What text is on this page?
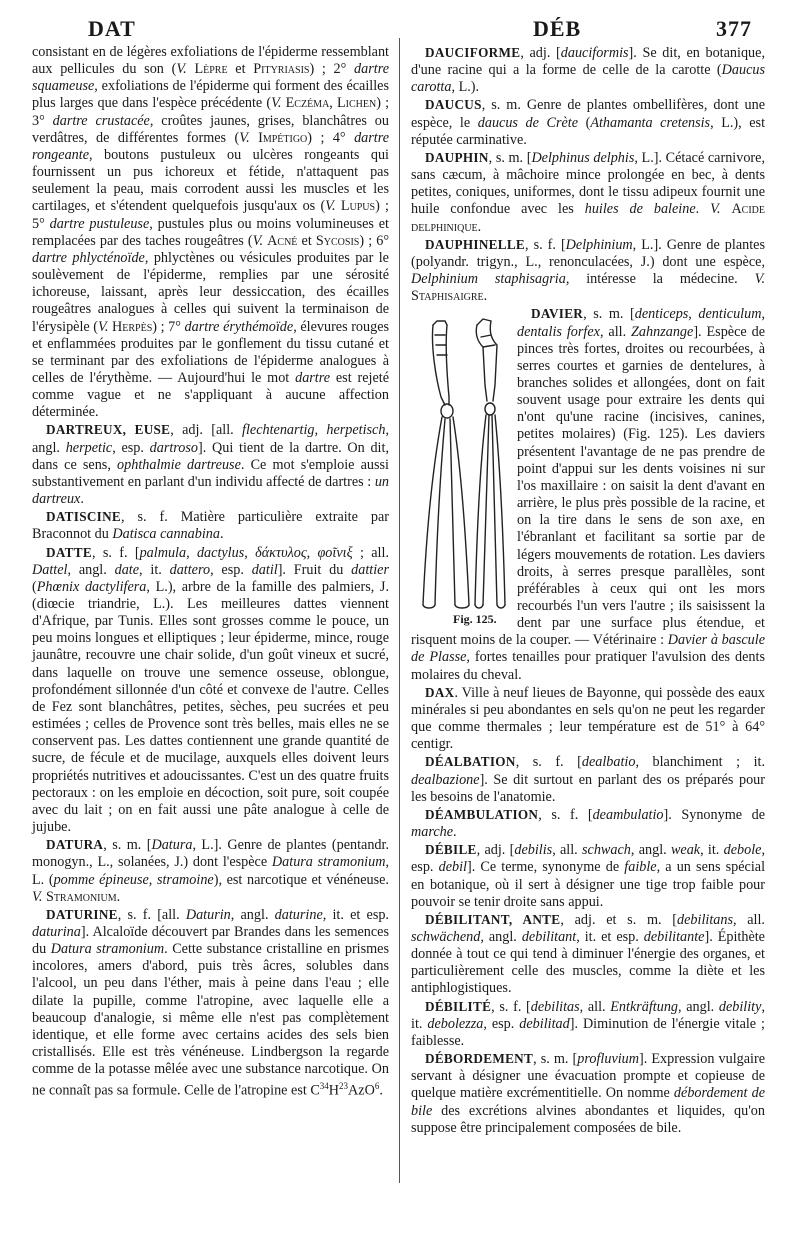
DAT	DÉB	377

consistant en de légères exfoliations de l'épiderme ressemblant aux pellicules du son (V. Lèpre et Pityriasis) ; 2° dartre squameuse, exfoliations de l'épiderme qui forment des écailles plus larges que dans l'espèce précédente (V. Eczéma, Lichen) ; 3° dartre crustacée, croûtes jaunes, grises, blanchâtres ou verdâtres, de différentes formes (V. Impétigo) ; 4° dartre rongeante, boutons pustuleux ou ulcères rongeants qui fournissent un pus ichoreux et fétide, n'attaquent pas seulement la peau, mais corrodent aussi les muscles et les cartilages, et s'étendent quelquefois jusqu'aux os (V. Lupus) ; 5° dartre pustuleuse, pustules plus ou moins volumineuses et remplacées par des taches rougeâtres (V. Acné et Sycosis) ; 6° dartre phlycténoïde, phlyctènes ou vésicules produites par le soulèvement de l'épiderme, remplies par une sérosité ichoreuse, laissant, après leur dessiccation, des écailles rougeâtres analogues à celles qui suivent la terminaison de l'érysipèle (V. Herpès) ; 7° dartre érythémoïde, élevures rouges et enflammées produites par le gonflement du tissu cutané et se terminant par des exfoliations de l'épiderme analogues à celles de l'érythème. — Aujourd'hui le mot dartre est rejeté comme vague et ne s'appliquant à aucune affection déterminée.

DARTREUX, EUSE, adj. [all. flechtenartig, herpetisch, angl. herpetic, esp. dartroso]. Qui tient de la dartre. On dit, dans ce sens, ophthalmie dartreuse. Ce mot s'emploie aussi substantivement en parlant d'un individu affecté de dartres : un dartreux.

DATISCINE, s. f. Matière particulière extraite par Braconnot du Datisca cannabina.

DATTE, s. f. [palmula, dactylus, δάκτυλος, φοῖνιξ ; all. Dattel, angl. date, it. dattero, esp. datil]. Fruit du dattier (Phœnix dactylifera, L.), arbre de la famille des palmiers, J. (diœcie triandrie, L.). Les meilleures dattes viennent d'Afrique, par Tunis. Elles sont grosses comme le pouce, un peu moins longues et elliptiques ; leur épiderme, mince, rouge jaunâtre, recouvre une chair solide, d'un goût vineux et sucré, dans laquelle on trouve une semence osseuse, oblongue, profondément sillonnée d'un côté et convexe de l'autre. Celles de Fez sont blanchâtres, petites, sèches, peu sucrées et peu estimées ; celles de Provence sont très belles, mais elles ne se conservent pas. Les dattes contiennent une grande quantité de sucre, de fécule et de mucilage, auxquels elles doivent leurs propriétés nutritives et adoucissantes. C'est un des quatre fruits pectoraux : on les emploie en décoction, soit pure, soit coupée avec du lait ; on en fait aussi une pâte analogue à celle de jujube.

DATURA, s. m. [Datura, L.]. Genre de plantes (pentandr. monogyn., L., solanées, J.) dont l'espèce Datura stramonium, L. (pomme épineuse, stramoine), est narcotique et vénéneuse. V. Stramonium.

DATURINE, s. f. [all. Daturin, angl. daturine, it. et esp. daturina]. Alcaloïde découvert par Brandes dans les semences du Datura stramonium. Cette substance cristalline en prismes incolores, amers d'abord, puis très âcres, solubles dans l'alcool, un peu dans l'éther, mais à peine dans l'eau ; elle dilate la pupille, comme l'atropine, avec laquelle elle a beaucoup d'analogie, si même elle n'est pas complètement identique, et elle forme avec certains acides des sels bien cristallisés. Elle est très vénéneuse. Lindbergson la regarde comme de la potasse mêlée avec une substance narcotique. On ne connaît pas sa formule. Celle de l'atropine est $C^{34}H^{23}AzO^6$.

DAUCIFORME, adj. [dauciformis]. Se dit, en botanique, d'une racine qui a la forme de celle de la carotte (Daucus carotta, L.).

DAUCUS, s. m. Genre de plantes ombellifères, dont une espèce, le daucus de Crète (Athamanta cretensis, L.), est réputée carminative.

DAUPHIN, s. m. [Delphinus delphis, L.]. Cétacé carnivore, sans cæcum, à mâchoire mince prolongée en bec, à dents petites, coniques, uniformes, dont le tissu adipeux fournit une huile confondue avec les huiles de baleine. V. Acide delphinique.

DAUPHINELLE, s. f. [Delphinium, L.]. Genre de plantes (polyandr. trigyn., L., renonculacées, J.) dont une espèce, Delphinium staphisagria, intéresse la médecine. V. Staphisaigre.

Fig. 125.
DAVIER, s. m. [denticeps, denticulum, dentalis forfex, all. Zahnzange]. Espèce de pinces très fortes, droites ou recourbées, à serres courtes et garnies de dentelures, à branches solides et allongées, dont on fait souvent usage pour extraire les dents qui n'ont qu'une racine (incisives, canines, petites molaires) (Fig. 125). Les daviers présentent l'avantage de ne pas prendre de point d'appui sur les dents voisines ni sur l'os maxillaire : on saisit la dent d'avant en arrière, le plus près possible de la racine, et on la tire dans le sens de son axe, en l'ébranlant et facilitant sa sortie par de légers mouvements de rotation. Les daviers droits, à serres presque parallèles, sont préférables à ceux qui ont les mors recourbés l'un vers l'autre ; ils saisissent la dent par une surface plus étendue, et risquent moins de la couper. — Vétérinaire : Davier à bascule de Plasse, fortes tenailles pour pratiquer l'avulsion des dents molaires du cheval.

DAX. Ville à neuf lieues de Bayonne, qui possède des eaux minérales si peu abondantes en sels qu'on ne peut les regarder que comme thermales ; leur température est de 51° à 64° centigr.

DÉALBATION, s. f. [dealbatio, blanchiment ; it. dealbazione]. Se dit surtout en parlant des os préparés pour les besoins de l'anatomie.

DÉAMBULATION, s. f. [deambulatio]. Synonyme de marche.

DÉBILE, adj. [debilis, all. schwach, angl. weak, it. debole, esp. debil]. Ce terme, synonyme de faible, a un sens spécial en botanique, où il sert à désigner une tige trop faible pour pouvoir se tenir droite sans appui.

DÉBILITANT, ANTE, adj. et s. m. [debilitans, all. schwächend, angl. debilitant, it. et esp. debilitante]. Épithète donnée à tout ce qui tend à diminuer l'énergie des organes, et particulièrement celle des muscles, comme la diète et les antiphlogistiques.

DÉBILITÉ, s. f. [debilitas, all. Entkräftung, angl. debility, it. debolezza, esp. debilitad]. Diminution de l'énergie vitale ; faiblesse.

DÉBORDEMENT, s. m. [profluvium]. Expression vulgaire servant à désigner une évacuation prompte et copieuse de quelque matière excrémentitielle. On nomme débordement de bile des excrétions alvines abondantes et liquides, qu'on suppose être principalement composées de bile.
